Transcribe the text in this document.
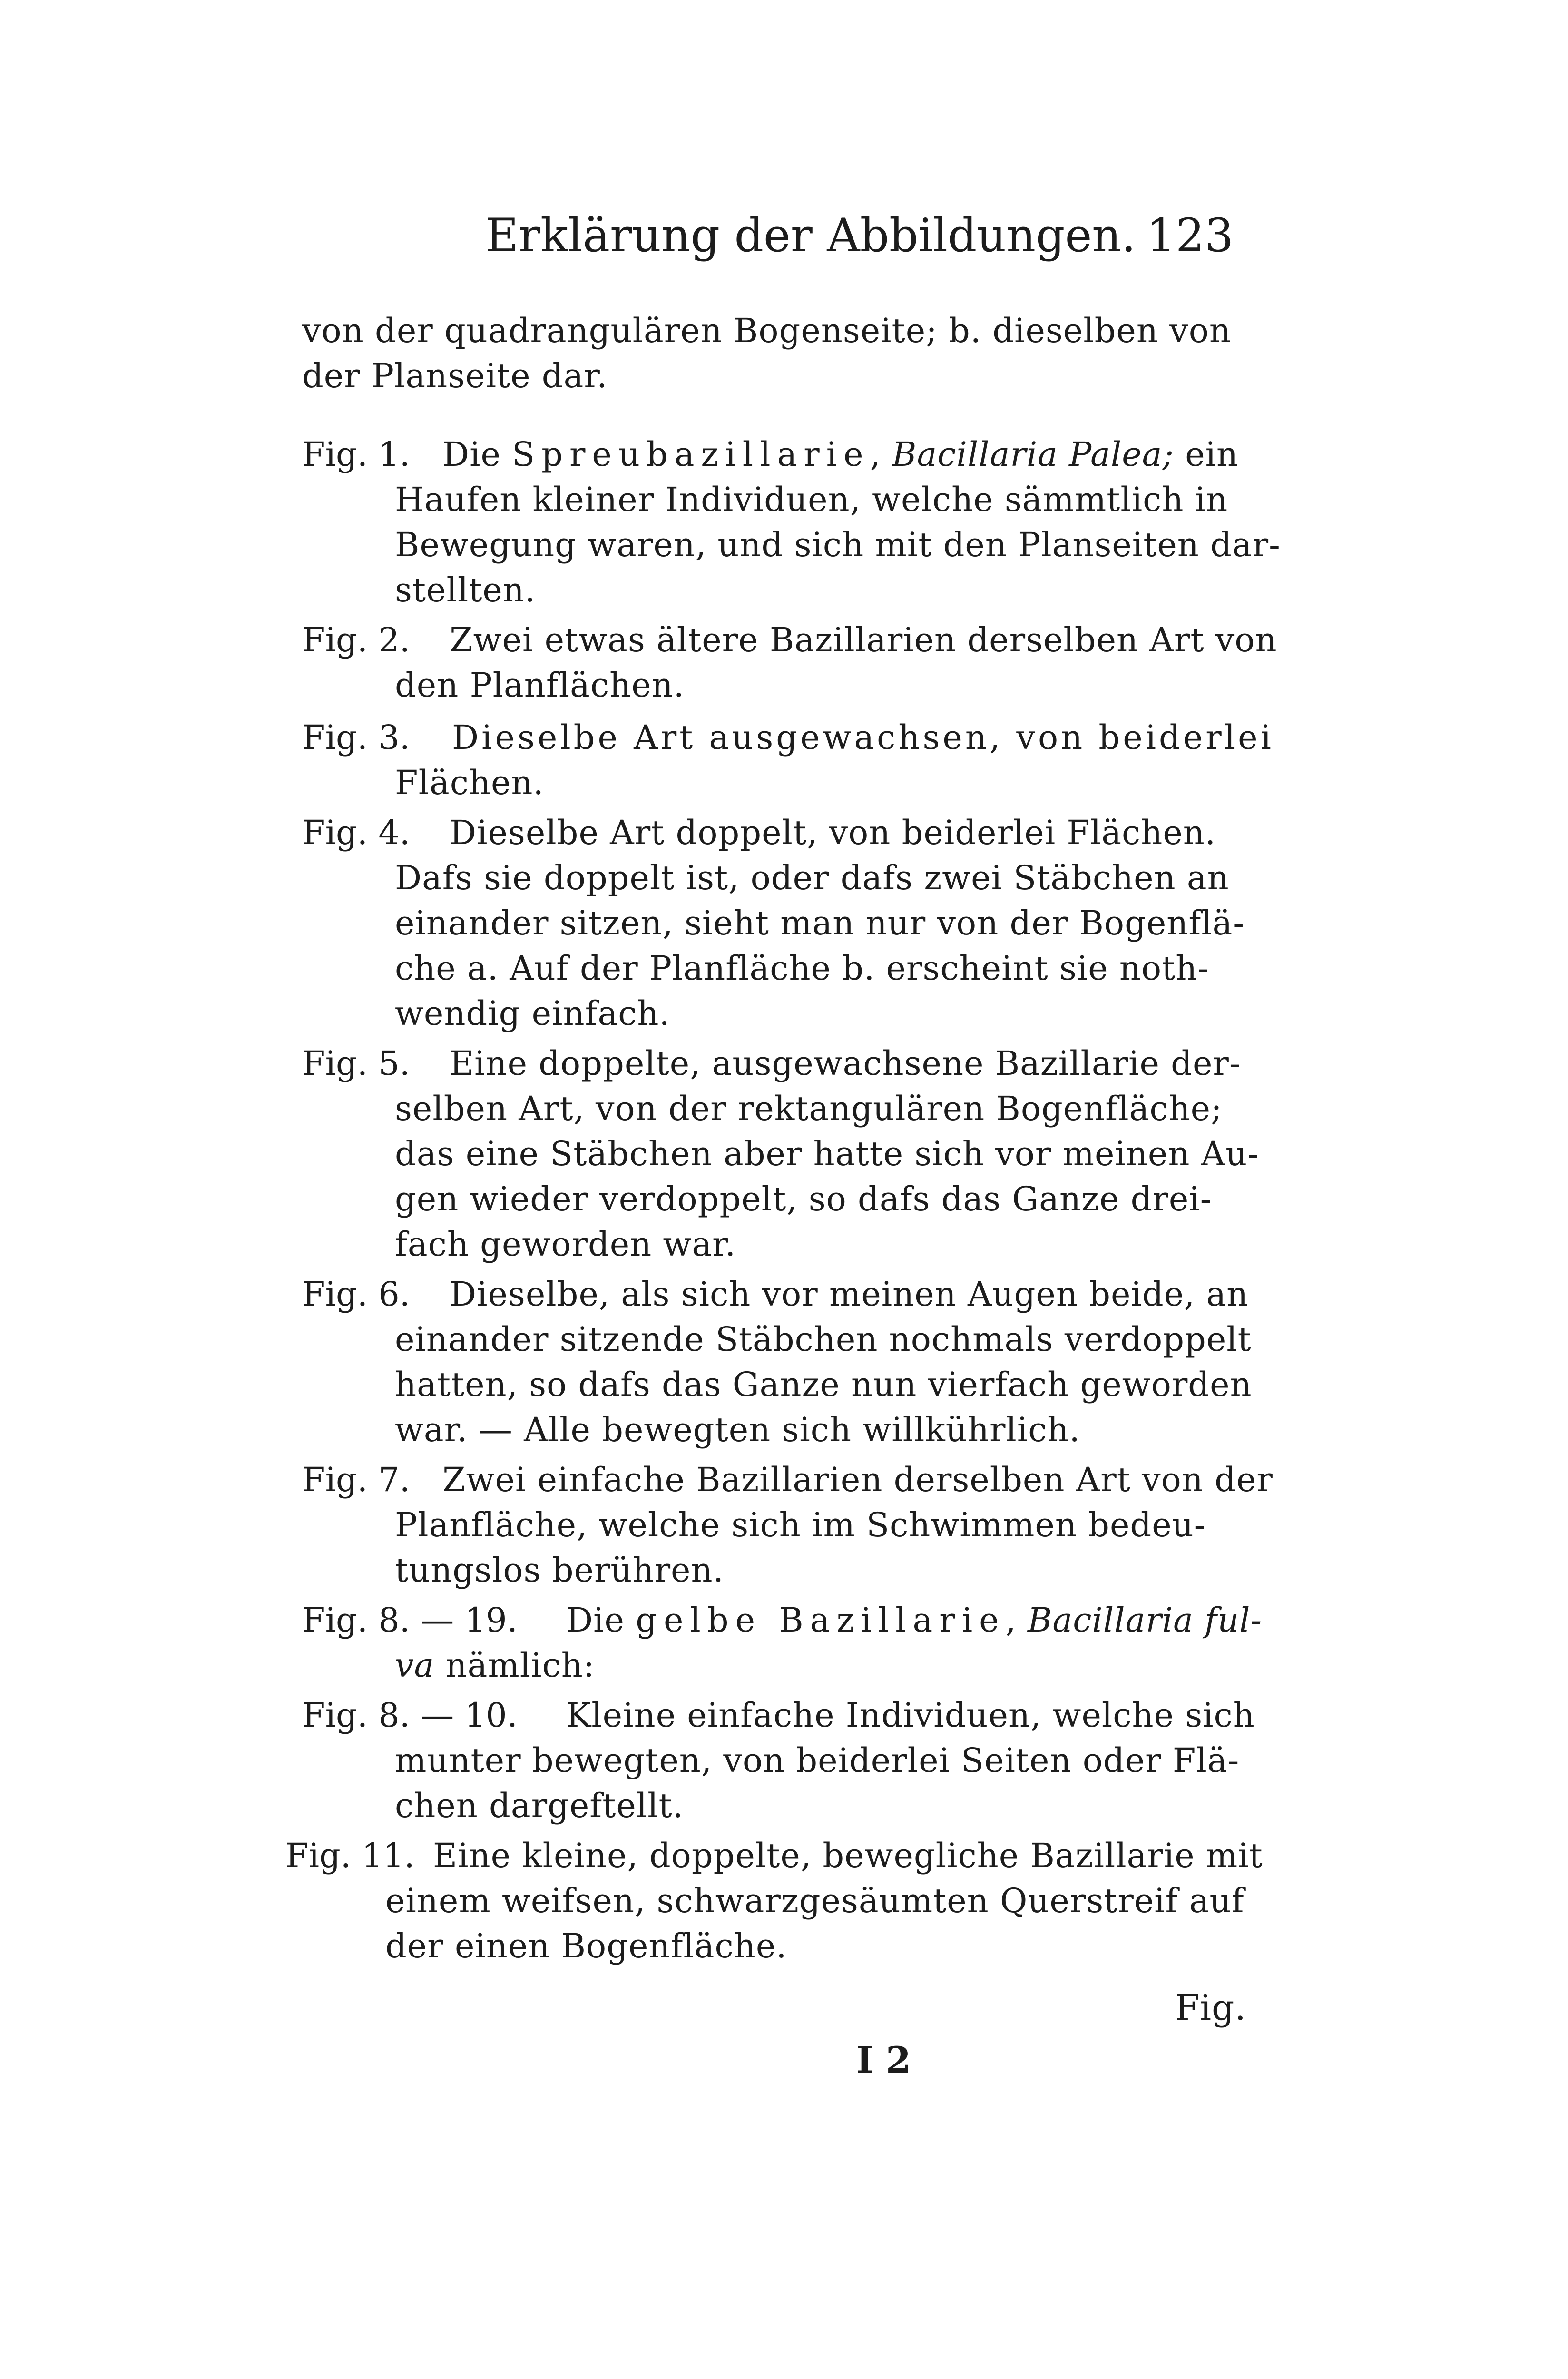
Erklärung der Abbildungen. 123
von der quadrangulären Bogenseite; b. dieselben von
der Planseite dar.
Fig. 1. Die Spreubazillarie, Bacillaria Palea; ein
Haufen kleiner Individuen, welche sämmtlich in
Bewegung waren, und sich mit den Planseiten dar-
stellten.
Fig. 2. Zwei etwas ältere Bazillarien derselben Art von
den Planflächen.
Fig. 3. Dieselbe Art ausgewachsen, von beiderlei
Flächen.
Fig. 4. Dieselbe Art doppelt, von beiderlei Flächen.
Dafs sie doppelt ist, oder dafs zwei Stäbchen an
einander sitzen, sieht man nur von der Bogenflä-
che a. Auf der Planfläche b. erscheint sie noth-
wendig einfach.
Fig. 5. Eine doppelte, ausgewachsene Bazillarie der-
selben Art, von der rektangulären Bogenfläche;
das eine Stäbchen aber hatte sich vor meinen Au-
gen wieder verdoppelt, so dafs das Ganze drei-
fach geworden war.
Fig. 6. Dieselbe, als sich vor meinen Augen beide, an
einander sitzende Stäbchen nochmals verdoppelt
hatten, so dafs das Ganze nun vierfach geworden
war. — Alle bewegten sich willkührlich.
Fig. 7. Zwei einfache Bazillarien derselben Art von der
Planfläche, welche sich im Schwimmen bedeu-
tungslos berühren.
Fig. 8. — 19. Die gelbe Bazillarie, Bacillaria ful-
va nämlich:
Fig. 8. — 10. Kleine einfache Individuen, welche sich
munter bewegten, von beiderlei Seiten oder Flä-
chen dargeftellt.
Fig. 11. Eine kleine, doppelte, bewegliche Bazillarie mit
einem weifsen, schwarzgesäumten Querstreif auf
der einen Bogenfläche.
I 2
Fig.
